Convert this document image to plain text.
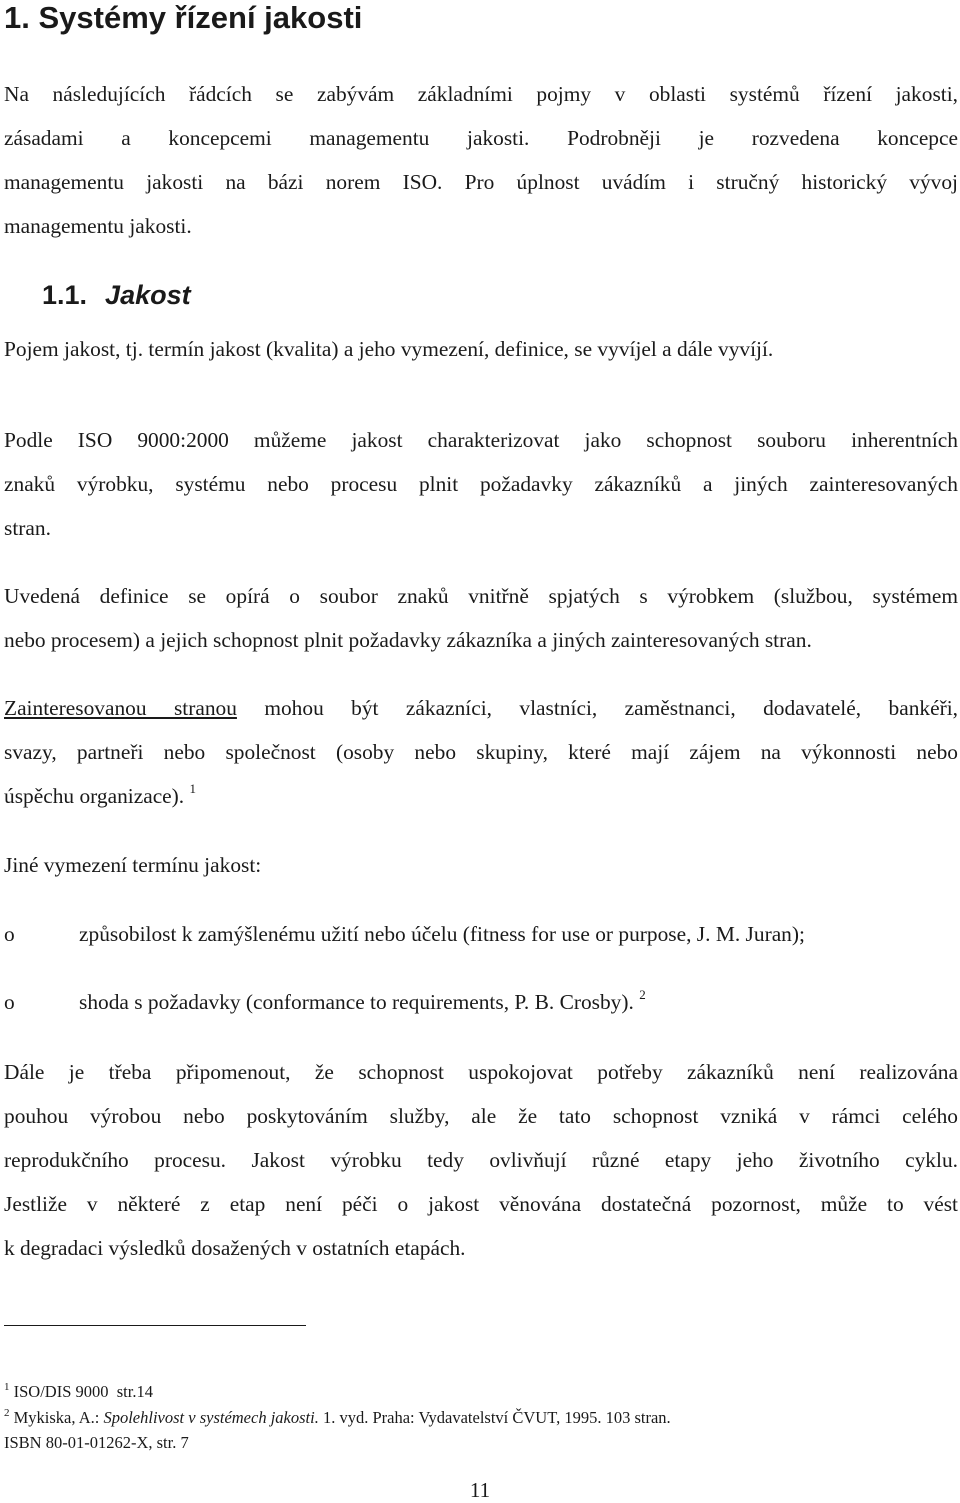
1. Systémy řízení jakosti
Na následujících řádcích se zabývám základními pojmy v oblasti systémů řízení jakosti,
zásadami a koncepcemi managementu jakosti. Podrobněji je rozvedena koncepce
managementu jakosti na bázi norem ISO. Pro úplnost uvádím i stručný historický vývoj
managementu jakosti.
1.1. Jakost
Pojem jakost, tj. termín jakost (kvalita) a jeho vymezení, definice, se vyvíjel a dále vyvíjí.
Podle ISO 9000:2000 můžeme jakost charakterizovat jako schopnost souboru inherentních
znaků výrobku, systému nebo procesu plnit požadavky zákazníků a jiných zainteresovaných
stran.
Uvedená definice se opírá o soubor znaků vnitřně spjatých s výrobkem (službou, systémem
nebo procesem) a jejich schopnost plnit požadavky zákazníka a jiných zainteresovaných stran.
Zainteresovanou stranou mohou být zákazníci, vlastníci, zaměstnanci, dodavatelé, bankéři,
svazy, partneři nebo společnost (osoby nebo skupiny, které mají zájem na výkonnosti nebo
úspěchu organizace). $^1$
Jiné vymezení termínu jakost:
o	způsobilost k zamýšlenému užití nebo účelu (fitness for use or purpose, J. M. Juran);
o	shoda s požadavky (conformance to requirements, P. B. Crosby). $^2$
Dále je třeba připomenout, že schopnost uspokojovat potřeby zákazníků není realizována
pouhou výrobou nebo poskytováním služby, ale že tato schopnost vzniká v rámci celého
reprodukčního procesu. Jakost výrobku tedy ovlivňují různé etapy jeho životního cyklu.
Jestliže v některé z etap není péči o jakost věnována dostatečná pozornost, může to vést
k degradaci výsledků dosažených v ostatních etapách.
$^1$ ISO/DIS 9000  str.14
$^2$ Mykiska, A.: Spolehlivost v systémech jakosti. 1. vyd. Praha: Vydavatelství ČVUT, 1995. 103 stran.
ISBN 80-01-01262-X, str. 7
11
